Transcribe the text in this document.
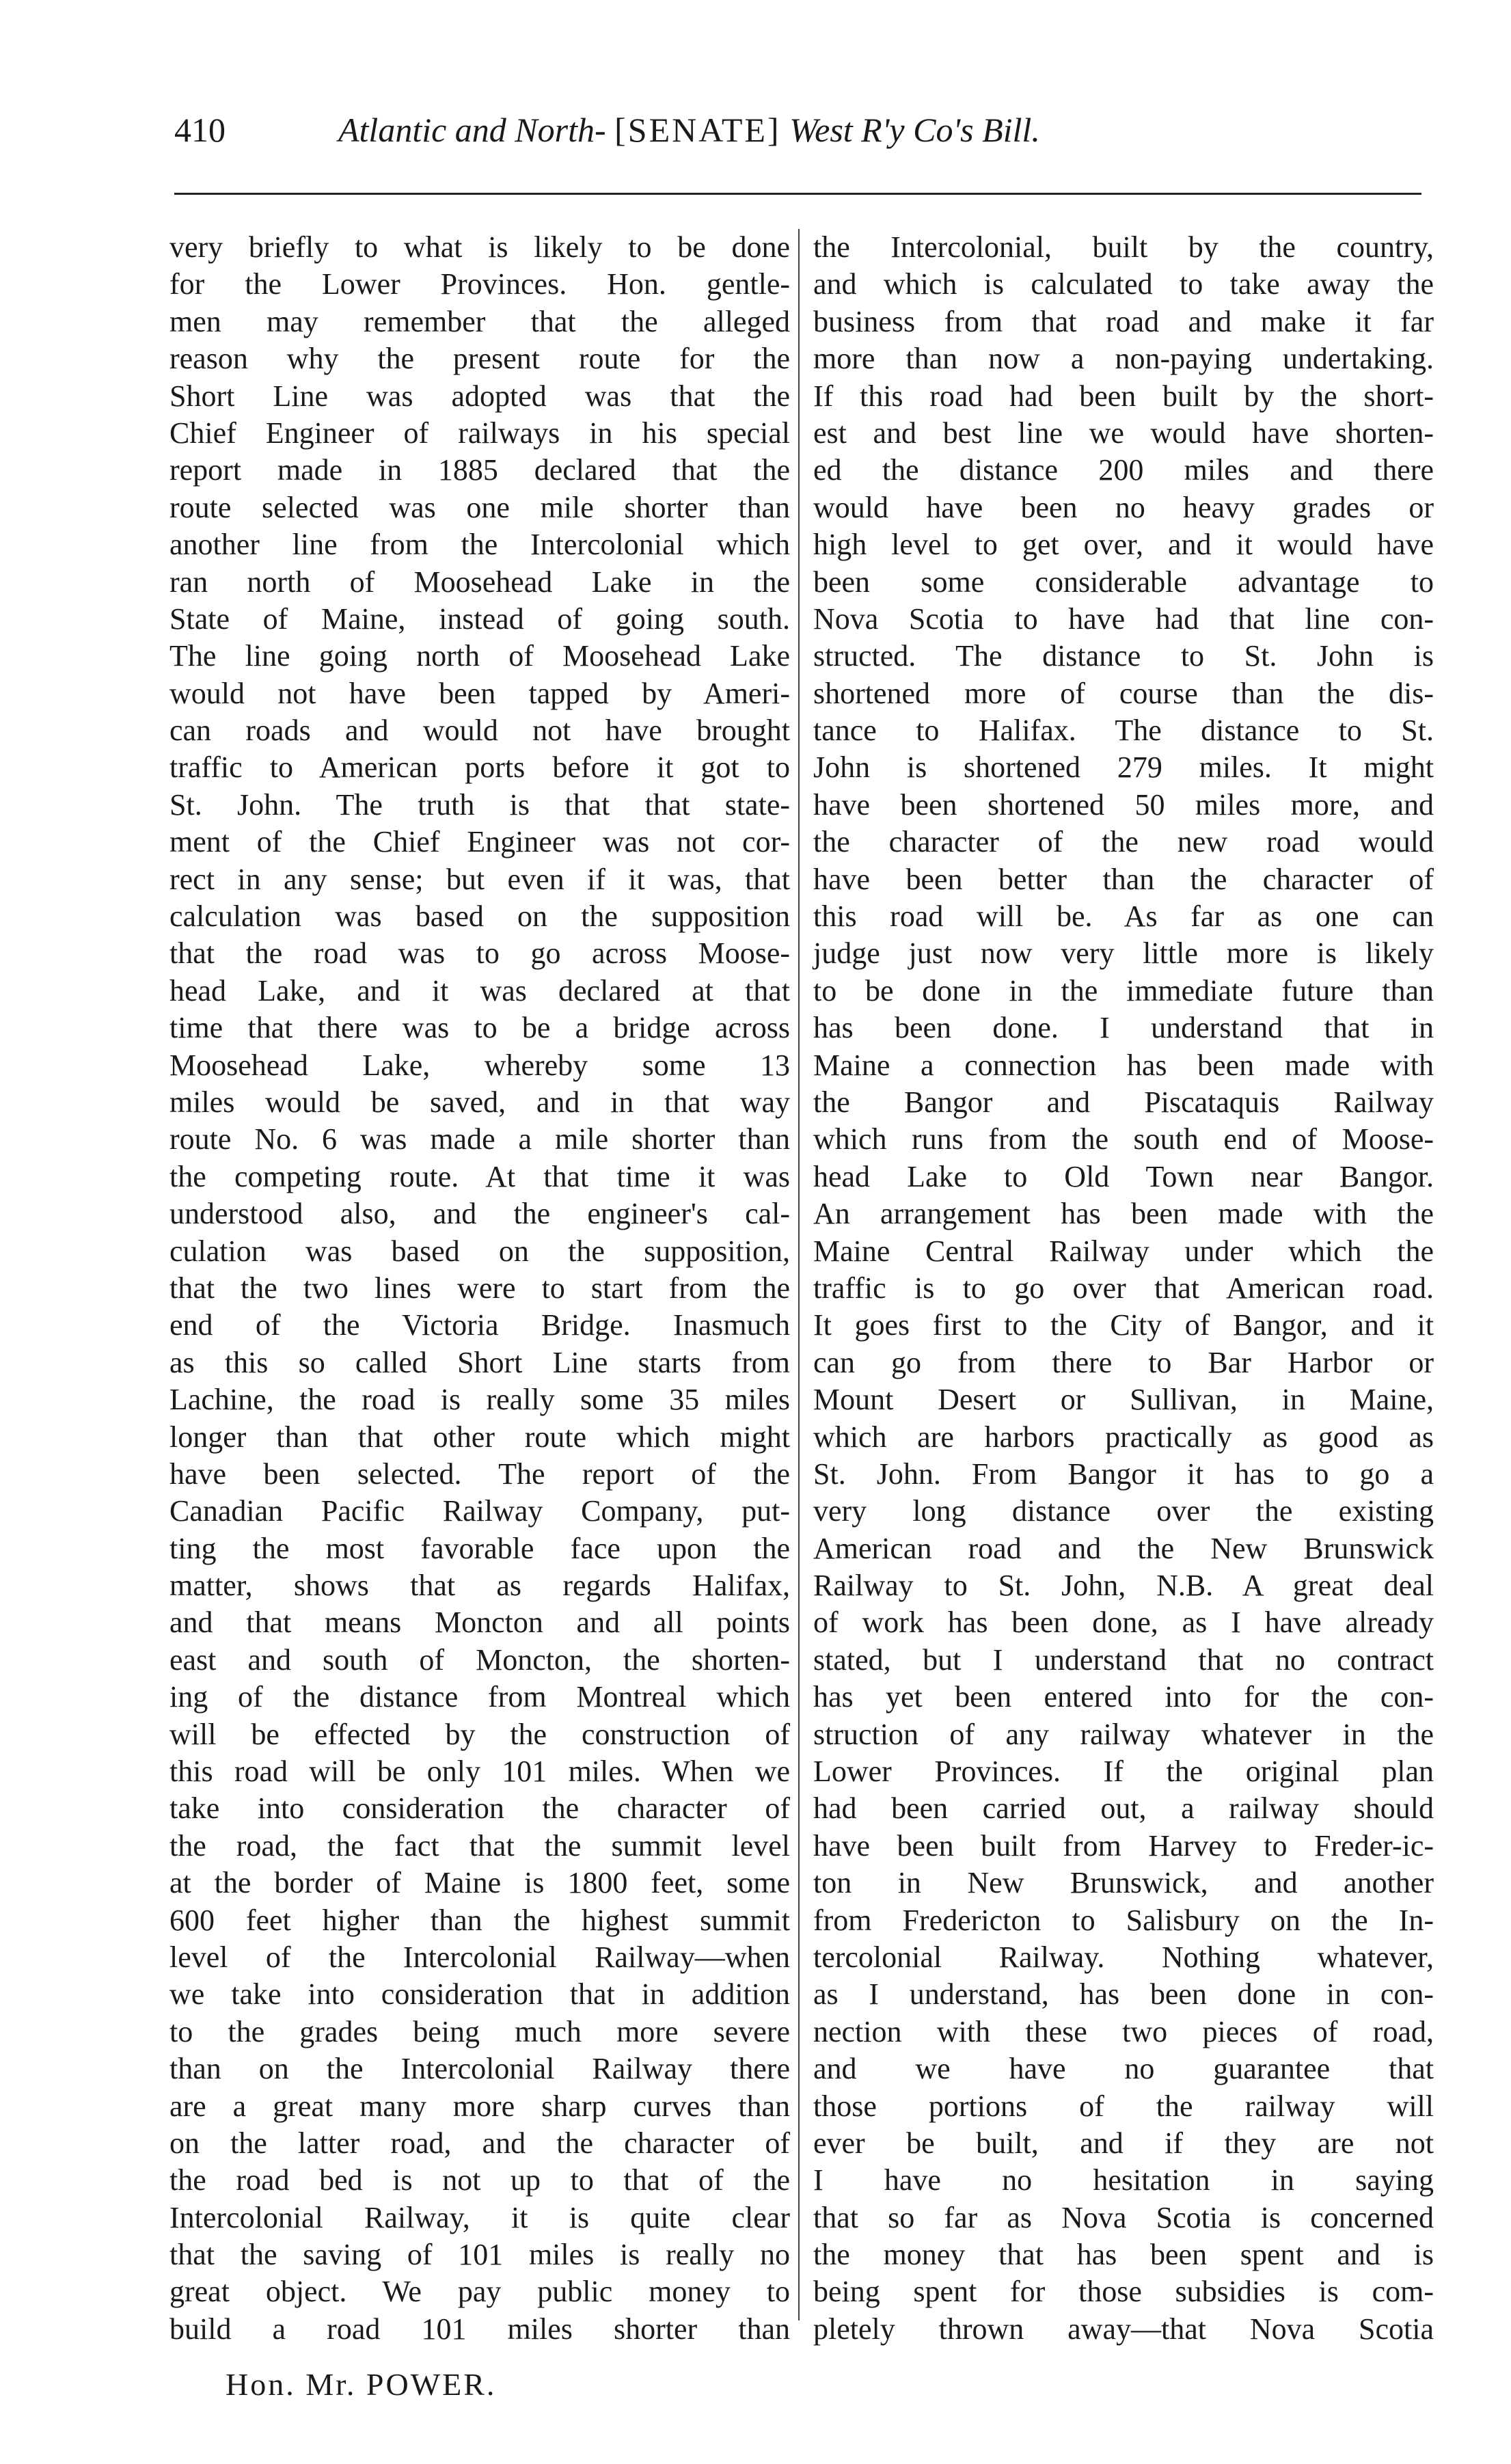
410	Atlantic and North- [SENATE] West R'y Co's Bill.
very briefly to what is likely to be done
for the Lower Provinces. Hon. gentle-
men may remember that the alleged
reason why the present route for the
Short Line was adopted was that the
Chief Engineer of railways in his special
report made in 1885 declared that the
route selected was one mile shorter than
another line from the Intercolonial which
ran north of Moosehead Lake in the
State of Maine, instead of going south.
The line going north of Moosehead Lake
would not have been tapped by Ameri-
can roads and would not have brought
traffic to American ports before it got to
St. John. The truth is that that state-
ment of the Chief Engineer was not cor-
rect in any sense; but even if it was, that
calculation was based on the supposition
that the road was to go across Moose-
head Lake, and it was declared at that
time that there was to be a bridge across
Moosehead Lake, whereby some 13
miles would be saved, and in that way
route No. 6 was made a mile shorter than
the competing route. At that time it was
understood also, and the engineer's cal-
culation was based on the supposition,
that the two lines were to start from the
end of the Victoria Bridge. Inasmuch
as this so called Short Line starts from
Lachine, the road is really some 35 miles
longer than that other route which might
have been selected. The report of the
Canadian Pacific Railway Company, put-
ting the most favorable face upon the
matter, shows that as regards Halifax,
and that means Moncton and all points
east and south of Moncton, the shorten-
ing of the distance from Montreal which
will be effected by the construction of
this road will be only 101 miles. When we
take into consideration the character of
the road, the fact that the summit level
at the border of Maine is 1800 feet, some
600 feet higher than the highest summit
level of the Intercolonial Railway—when
we take into consideration that in addition
to the grades being much more severe
than on the Intercolonial Railway there
are a great many more sharp curves than
on the latter road, and the character of
the road bed is not up to that of the
Intercolonial Railway, it is quite clear
that the saving of 101 miles is really no
great object. We pay public money to
build a road 101 miles shorter than
the Intercolonial, built by the country,
and which is calculated to take away the
business from that road and make it far
more than now a non-paying undertaking.
If this road had been built by the short-
est and best line we would have shorten-
ed the distance 200 miles and there
would have been no heavy grades or
high level to get over, and it would have
been some considerable advantage to
Nova Scotia to have had that line con-
structed. The distance to St. John is
shortened more of course than the dis-
tance to Halifax. The distance to St.
John is shortened 279 miles. It might
have been shortened 50 miles more, and
the character of the new road would
have been better than the character of
this road will be. As far as one can
judge just now very little more is likely
to be done in the immediate future than
has been done. I understand that in
Maine a connection has been made with
the Bangor and Piscataquis Railway
which runs from the south end of Moose-
head Lake to Old Town near Bangor.
An arrangement has been made with the
Maine Central Railway under which the
traffic is to go over that American road.
It goes first to the City of Bangor, and it
can go from there to Bar Harbor or
Mount Desert or Sullivan, in Maine,
which are harbors practically as good as
St. John. From Bangor it has to go a
very long distance over the existing
American road and the New Brunswick
Railway to St. John, N.B. A great deal
of work has been done, as I have already
stated, but I understand that no contract
has yet been entered into for the con-
struction of any railway whatever in the
Lower Provinces. If the original plan
had been carried out, a railway should
have been built from Harvey to Freder-ic-
ton in New Brunswick, and another
from Fredericton to Salisbury on the In-
tercolonial Railway. Nothing whatever,
as I understand, has been done in con-
nection with these two pieces of road,
and we have no guarantee that
those portions of the railway will
ever be built, and if they are not
I have no hesitation in saying
that so far as Nova Scotia is concerned
the money that has been spent and is
being spent for those subsidies is com-
pletely thrown away—that Nova Scotia
Hon. Mr. POWER.
